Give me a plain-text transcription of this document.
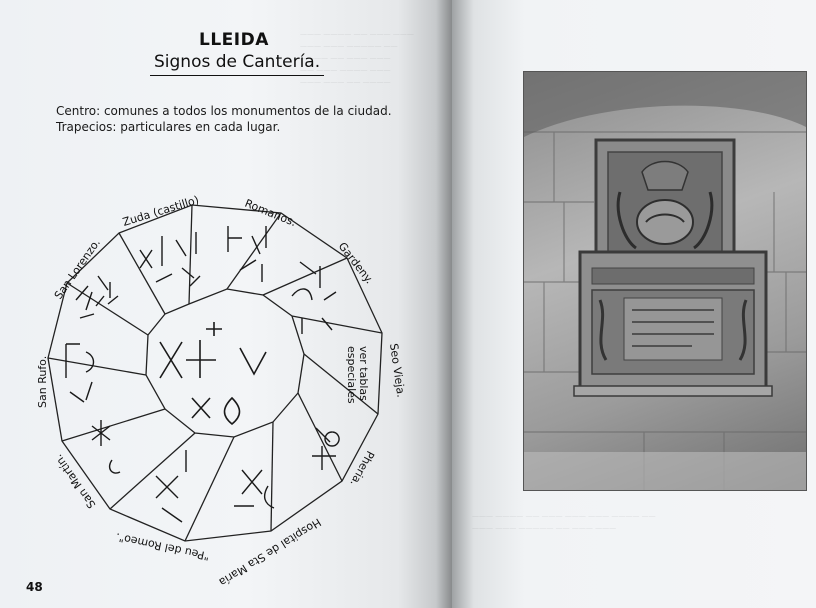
——— ———— —— ——— ———
——— ——— ————— ——
———— —— ——— ———
—— ——— ———— ———
——— ——— —— ————
LLEIDA
Signos de Cantería.
Centro: comunes a todos los monumentos de la ciudad.
Trapecios: particulares en cada lugar.
Zuda (castillo)	Romanos.
Gardeny.
Seo Vieja.
Pheria.
Hospital de Sta María
"Peu del Romeo".
San Martín.
San Rufo.
San Lorenzo.
ver tablas
especiales
48
——— ———— —— ——— ——— ——— ———— ——
——— ——— ————— —— ——— ———
